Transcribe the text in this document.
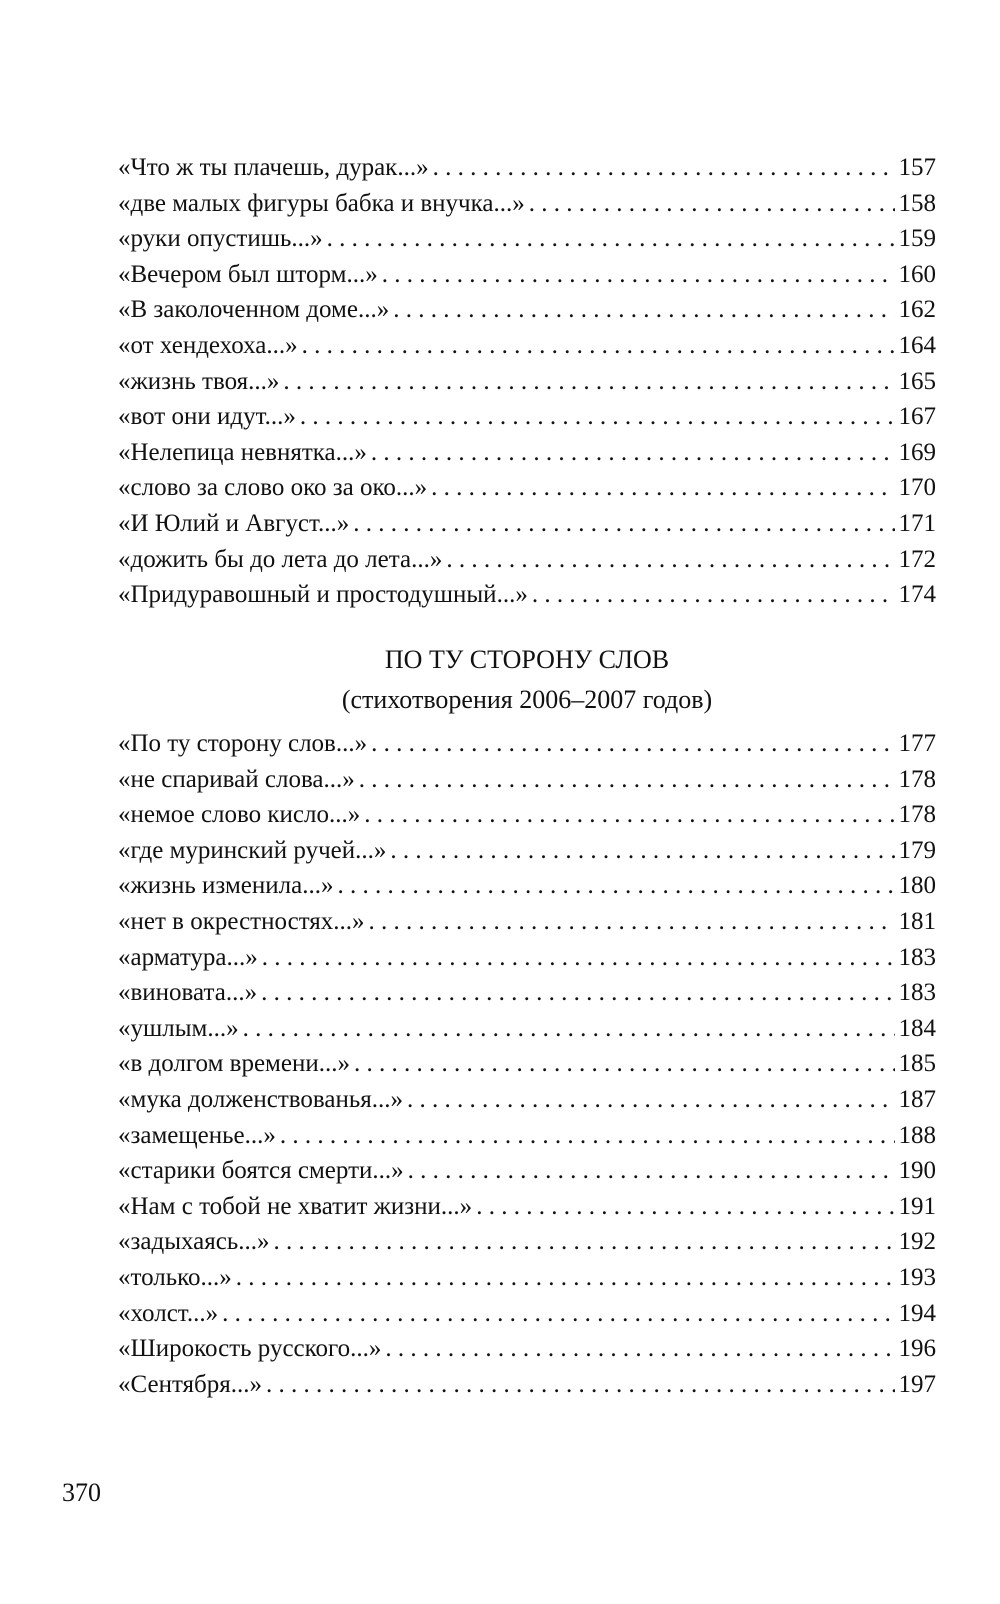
«Что ж ты плачешь, дурак...» . . .	157
«две малых фигуры бабка и внучка...» . . .	158
«руки опустишь...» . . .	159
«Вечером был шторм...» . . .	160
«В заколоченном доме...» . . .	162
«от хендехоха...» . . .	164
«жизнь твоя...» . . .	165
«вот они идут...» . . .	167
«Нелепица невнятка...» . . .	169
«слово за слово око за око...» . . .	170
«И Юлий и Август...» . . .	171
«дожить бы до лета до лета...» . . .	172
«Придуравошный и простодушный...» . . .	174
ПО ТУ СТОРОНУ СЛОВ
(стихотворения 2006–2007 годов)
«По ту сторону слов...» . . .	177
«не спаривай слова...» . . .	178
«немое слово кисло...» . . .	178
«где муринский ручей...» . . .	179
«жизнь изменила...» . . .	180
«нет в окрестностях...» . . .	181
«арматура...» . . .	183
«виновата...» . . .	183
«ушлым...» . . .	184
«в долгом времени...» . . .	185
«мука долженствованья...» . . .	187
«замещенье...» . . .	188
«старики боятся смерти...» . . .	190
«Нам с тобой не хватит жизни...» . . .	191
«задыхаясь...» . . .	192
«только...» . . .	193
«холст...» . . .	194
«Широкость русского...» . . .	196
«Сентября...» . . .	197
370
